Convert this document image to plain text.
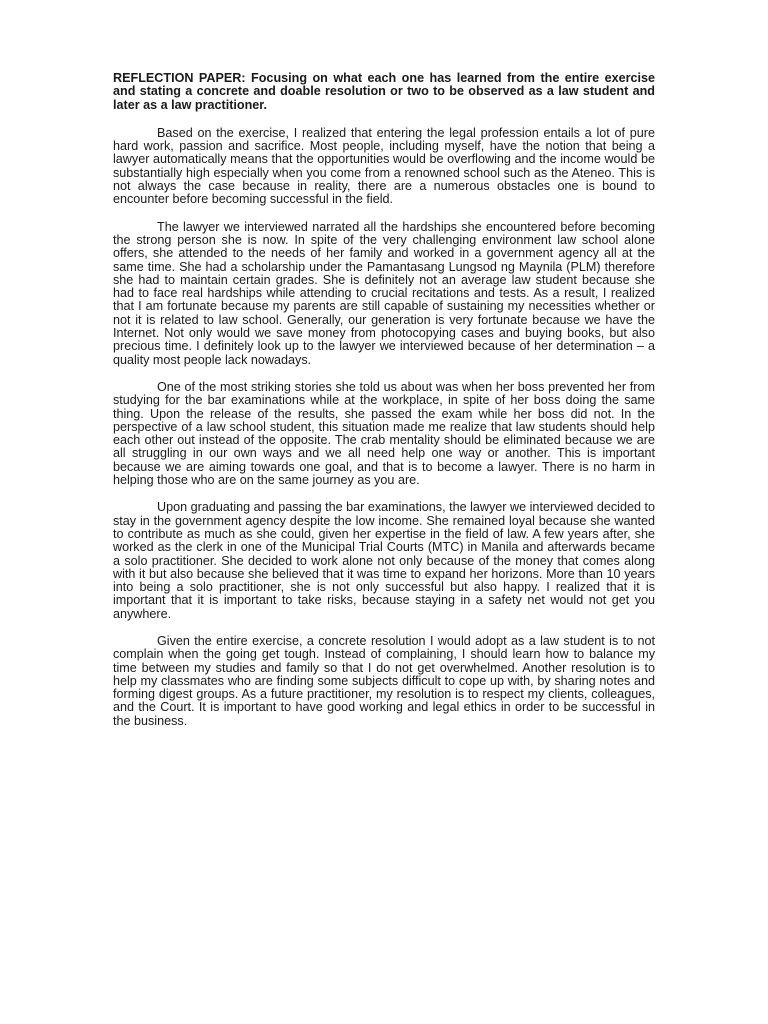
REFLECTION PAPER: Focusing on what each one has learned from the entire exercise and stating a concrete and doable resolution or two to be observed as a law student and later as a law practitioner.

Based on the exercise, I realized that entering the legal profession entails a lot of pure hard work, passion and sacrifice. Most people, including myself, have the notion that being a lawyer automatically means that the opportunities would be overflowing and the income would be substantially high especially when you come from a renowned school such as the Ateneo. This is not always the case because in reality, there are a numerous obstacles one is bound to encounter before becoming successful in the field.

The lawyer we interviewed narrated all the hardships she encountered before becoming the strong person she is now. In spite of the very challenging environment law school alone offers, she attended to the needs of her family and worked in a government agency all at the same time. She had a scholarship under the Pamantasang Lungsod ng Maynila (PLM) therefore she had to maintain certain grades. She is definitely not an average law student because she had to face real hardships while attending to crucial recitations and tests. As a result, I realized that I am fortunate because my parents are still capable of sustaining my necessities whether or not it is related to law school. Generally, our generation is very fortunate because we have the Internet. Not only would we save money from photocopying cases and buying books, but also precious time. I definitely look up to the lawyer we interviewed because of her determination – a quality most people lack nowadays.

One of the most striking stories she told us about was when her boss prevented her from studying for the bar examinations while at the workplace, in spite of her boss doing the same thing. Upon the release of the results, she passed the exam while her boss did not. In the perspective of a law school student, this situation made me realize that law students should help each other out instead of the opposite. The crab mentality should be eliminated because we are all struggling in our own ways and we all need help one way or another. This is important because we are aiming towards one goal, and that is to become a lawyer. There is no harm in helping those who are on the same journey as you are.

Upon graduating and passing the bar examinations, the lawyer we interviewed decided to stay in the government agency despite the low income. She remained loyal because she wanted to contribute as much as she could, given her expertise in the field of law. A few years after, she worked as the clerk in one of the Municipal Trial Courts (MTC) in Manila and afterwards became a solo practitioner. She decided to work alone not only because of the money that comes along with it but also because she believed that it was time to expand her horizons. More than 10 years into being a solo practitioner, she is not only successful but also happy. I realized that it is important that it is important to take risks, because staying in a safety net would not get you anywhere.

Given the entire exercise, a concrete resolution I would adopt as a law student is to not complain when the going get tough. Instead of complaining, I should learn how to balance my time between my studies and family so that I do not get overwhelmed. Another resolution is to help my classmates who are finding some subjects difficult to cope up with, by sharing notes and forming digest groups. As a future practitioner, my resolution is to respect my clients, colleagues, and the Court. It is important to have good working and legal ethics in order to be successful in the business.
